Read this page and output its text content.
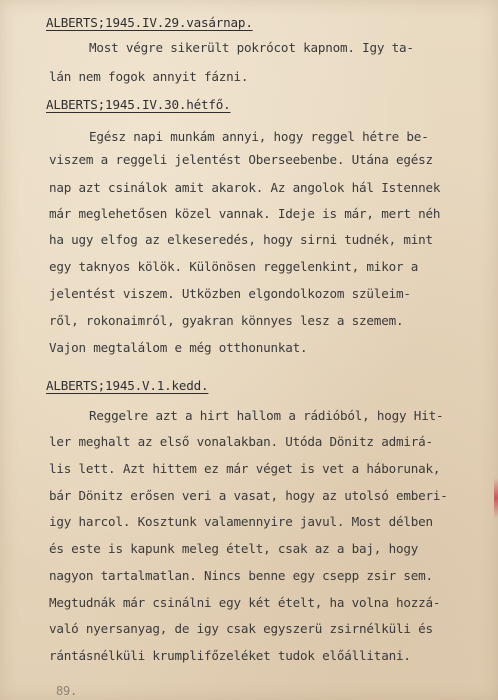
ALBERTS;1945.IV.29.vasárnap.
Most végre sikerült pokrócot kapnom. Igy ta-
lán nem fogok annyit fázni.
ALBERTS;1945.IV.30.hétfő.
Egész napi munkám annyi, hogy reggel hétre be-
viszem a reggeli jelentést Oberseebenbe. Utána egész
nap azt csinálok amit akarok. Az angolok hál Istennek
már meglehetősen közel vannak. Ideje is már, mert néh
ha ugy elfog az elkeseredés, hogy sirni tudnék, mint
egy taknyos kölök. Különösen reggelenkint, mikor a
jelentést viszem. Utközben elgondolkozom szüleim-
ről, rokonaimról, gyakran könnyes lesz a szemem.
Vajon megtalálom e még otthonunkat.
ALBERTS;1945.V.1.kedd.
Reggelre azt a hirt hallom a rádióból, hogy Hit-
ler meghalt az első vonalakban. Utóda Dönitz admirá-
lis lett. Azt hittem ez már véget is vet a háborunak,
bár Dönitz erősen veri a vasat, hogy az utolsó emberi-
igy harcol. Kosztunk valamennyire javul. Most délben
és este is kapunk meleg ételt, csak az a baj, hogy
nagyon tartalmatlan. Nincs benne egy csepp zsir sem.
Megtudnák már csinálni egy két ételt, ha volna hozzá-
való nyersanyag, de igy csak egyszerü zsirnélküli és
rántásnélküli krumplifőzeléket tudok előállitani.
89.
